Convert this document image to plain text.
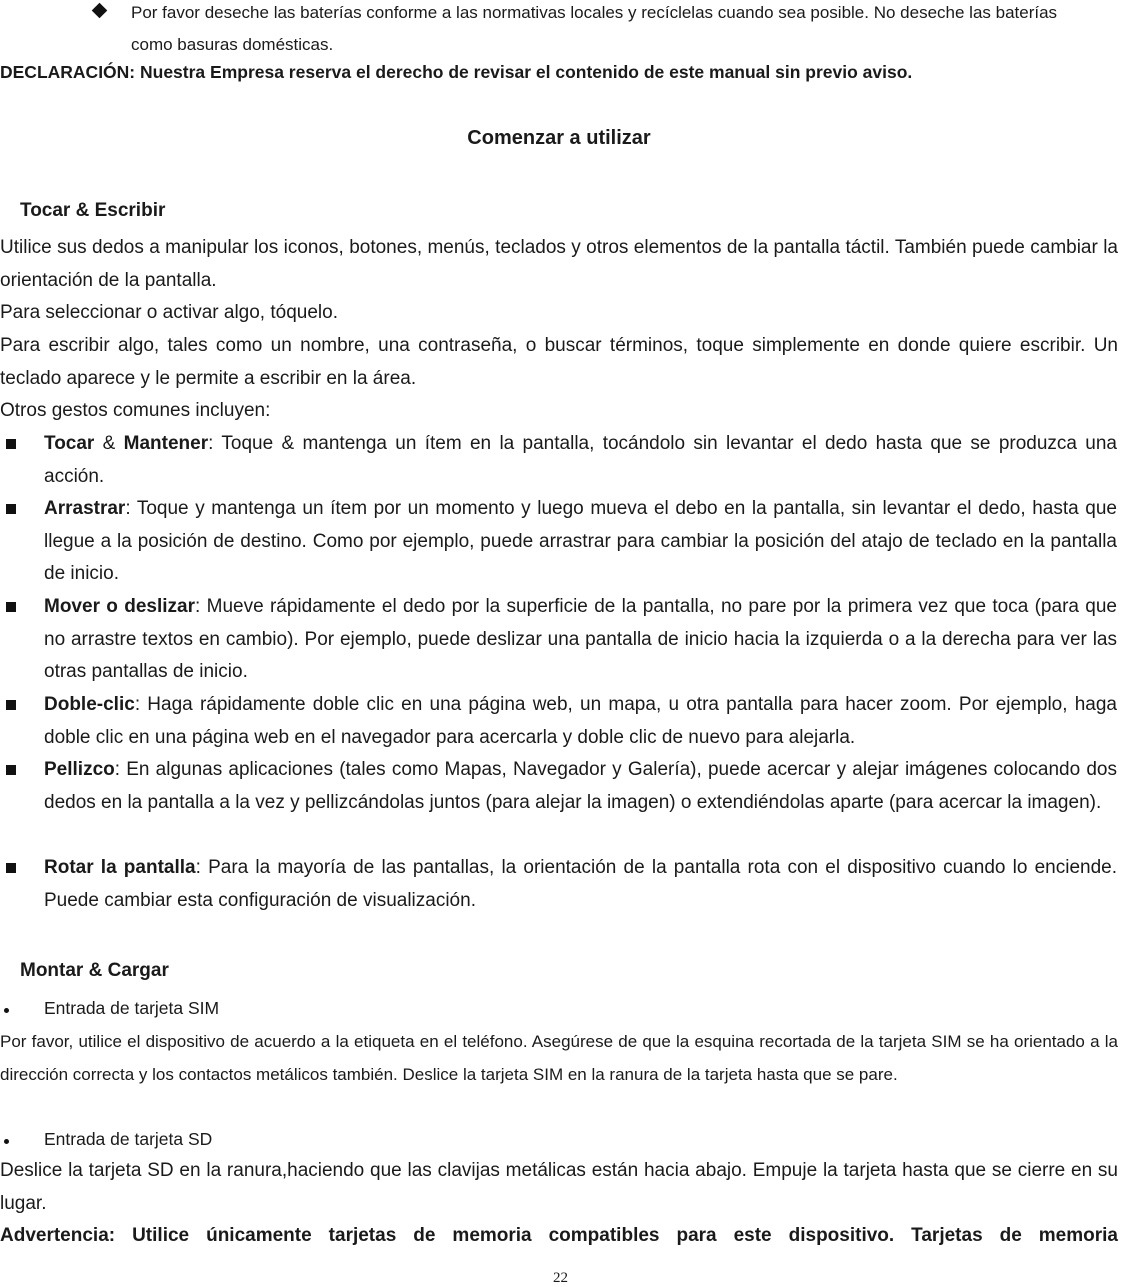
Por favor deseche las baterías conforme a las normativas locales y recíclelas cuando sea posible. No deseche las baterías como basuras domésticas.
DECLARACIÓN: Nuestra Empresa reserva el derecho de revisar el contenido de este manual sin previo aviso.
Comenzar a utilizar
Tocar & Escribir
Utilice sus dedos a manipular los iconos, botones, menús, teclados y otros elementos de la pantalla táctil. También puede cambiar la orientación de la pantalla.
Para seleccionar o activar algo, tóquelo.
Para escribir algo, tales como un nombre, una contraseña, o buscar términos, toque simplemente en donde quiere escribir. Un teclado aparece y le permite a escribir en la área.
Otros gestos comunes incluyen:
Tocar & Mantener: Toque & mantenga un ítem en la pantalla, tocándolo sin levantar el dedo hasta que se produzca una acción.
Arrastrar: Toque y mantenga un ítem por un momento y luego mueva el debo en la pantalla, sin levantar el dedo, hasta que llegue a la posición de destino. Como por ejemplo, puede arrastrar para cambiar la posición del atajo de teclado en la pantalla de inicio.
Mover o deslizar: Mueve rápidamente el dedo por la superficie de la pantalla, no pare por la primera vez que toca (para que no arrastre textos en cambio). Por ejemplo, puede deslizar una pantalla de inicio hacia la izquierda o a la derecha para ver las otras pantallas de inicio.
Doble-clic: Haga rápidamente doble clic en una página web, un mapa, u otra pantalla para hacer zoom. Por ejemplo, haga doble clic en una página web en el navegador para acercarla y doble clic de nuevo para alejarla.
Pellizco: En algunas aplicaciones (tales como Mapas, Navegador y Galería), puede acercar y alejar imágenes colocando dos dedos en la pantalla a la vez y pellizcándolas juntos (para alejar la imagen) o extendiéndolas aparte (para acercar la imagen).
Rotar la pantalla: Para la mayoría de las pantallas, la orientación de la pantalla rota con el dispositivo cuando lo enciende. Puede cambiar esta configuración de visualización.
Montar & Cargar
Entrada de tarjeta SIM
Por favor, utilice el dispositivo de acuerdo a la etiqueta en el teléfono. Asegúrese de que la esquina recortada de la tarjeta SIM se ha orientado a la dirección correcta y los contactos metálicos también. Deslice la tarjeta SIM en la ranura de la tarjeta hasta que se pare.
Entrada de tarjeta SD
Deslice la tarjeta SD en la ranura,haciendo que las clavijas metálicas están hacia abajo. Empuje la tarjeta hasta que se cierre en su lugar.
Advertencia: Utilice únicamente tarjetas de memoria compatibles para este dispositivo. Tarjetas de memoria
22
